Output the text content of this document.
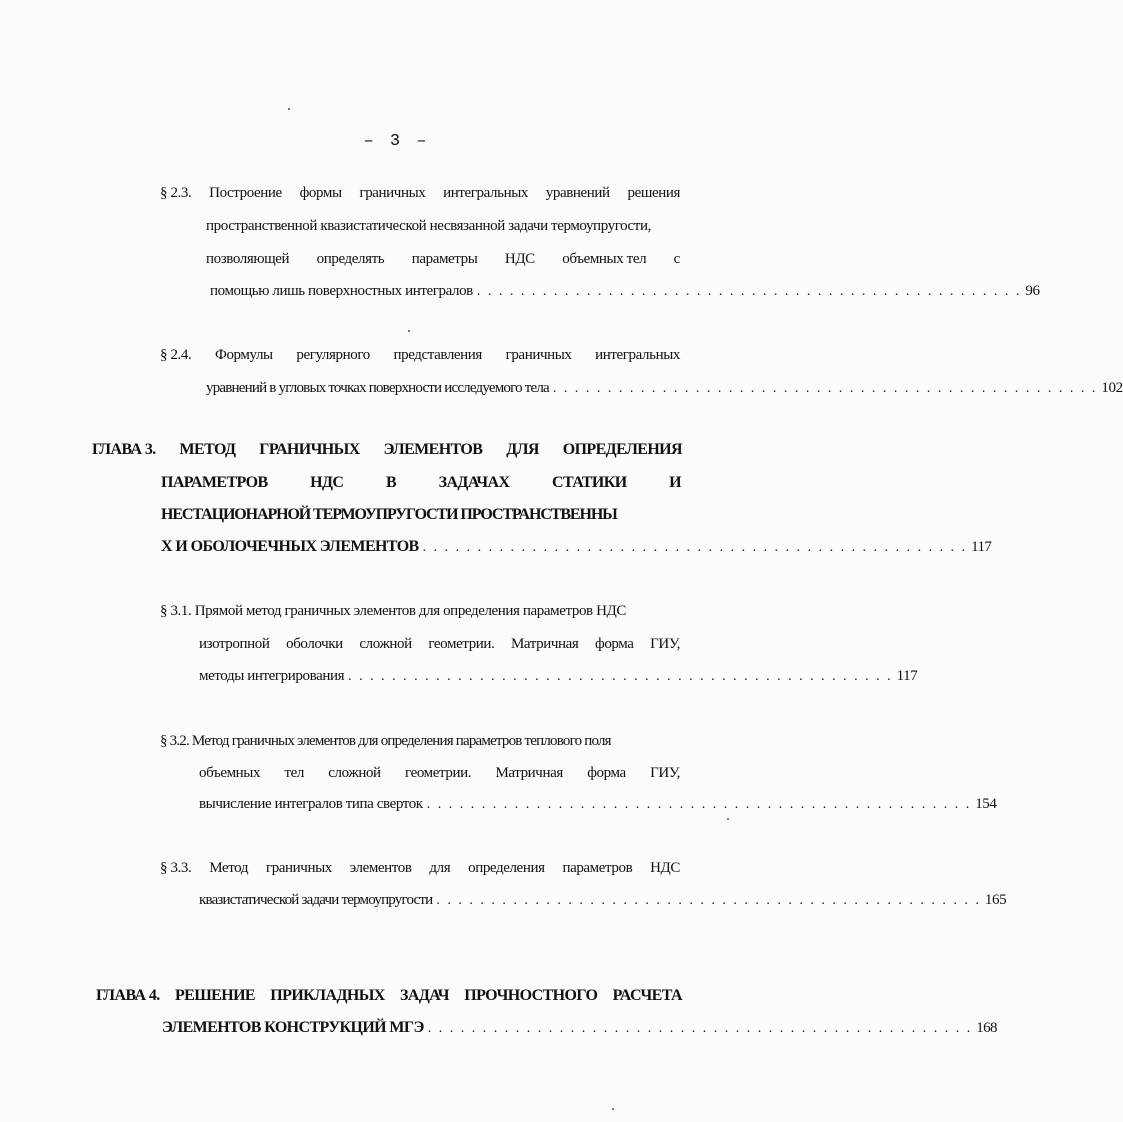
– 3 –
§ 2.3. Построение формы граничных интегральных уравнений решения
пространственной квазистатической несвязанной задачи термоупругости,
позволяющей определять параметры НДС объемных тел с
помощью лишь поверхностных интегралов . . . . . . . . . . . . . . . . . . . . . . . . . . . . . . . . . . . . . . . . . . . . . . . . . . 96
§ 2.4. Формулы регулярного представления граничных интегральных
уравнений в угловых точках поверхности исследуемого тела . . . . . . . . . . . . . . . . . . . . . . . . . . . . . . . . . . . . . . . . . . . . . . . . . . 102
ГЛАВА 3. МЕТОД ГРАНИЧНЫХ ЭЛЕМЕНТОВ ДЛЯ ОПРЕДЕЛЕНИЯ
ПАРАМЕТРОВ	НДС	В	ЗАДАЧАХ	СТАТИКИ	И
НЕСТАЦИОНАРНОЙ ТЕРМОУПРУГОСТИ ПРОСТРАНСТВЕННЫ
Х И ОБОЛОЧЕЧНЫХ ЭЛЕМЕНТОВ . . . . . . . . . . . . . . . . . . . . . . . . . . . . . . . . . . . . . . . . . . . . . . . . . . 117
§ 3.1. Прямой метод граничных элементов для определения параметров НДС
изотропной оболочки сложной геометрии. Матричная форма ГИУ,
методы интегрирования . . . . . . . . . . . . . . . . . . . . . . . . . . . . . . . . . . . . . . . . . . . . . . . . . . 117
§ 3.2. Метод граничных элементов для определения параметров теплового поля
объемных тел сложной геометрии. Матричная форма ГИУ,
вычисление интегралов типа сверток . . . . . . . . . . . . . . . . . . . . . . . . . . . . . . . . . . . . . . . . . . . . . . . . . . 154
§ 3.3. Метод граничных элементов для определения параметров НДС
квазистатической задачи термоупругости . . . . . . . . . . . . . . . . . . . . . . . . . . . . . . . . . . . . . . . . . . . . . . . . . . 165
ГЛАВА 4. РЕШЕНИЕ ПРИКЛАДНЫХ ЗАДАЧ ПРОЧНОСТНОГО РАСЧЕТА
ЭЛЕМЕНТОВ КОНСТРУКЦИЙ МГЭ . . . . . . . . . . . . . . . . . . . . . . . . . . . . . . . . . . . . . . . . . . . . . . . . . . 168
